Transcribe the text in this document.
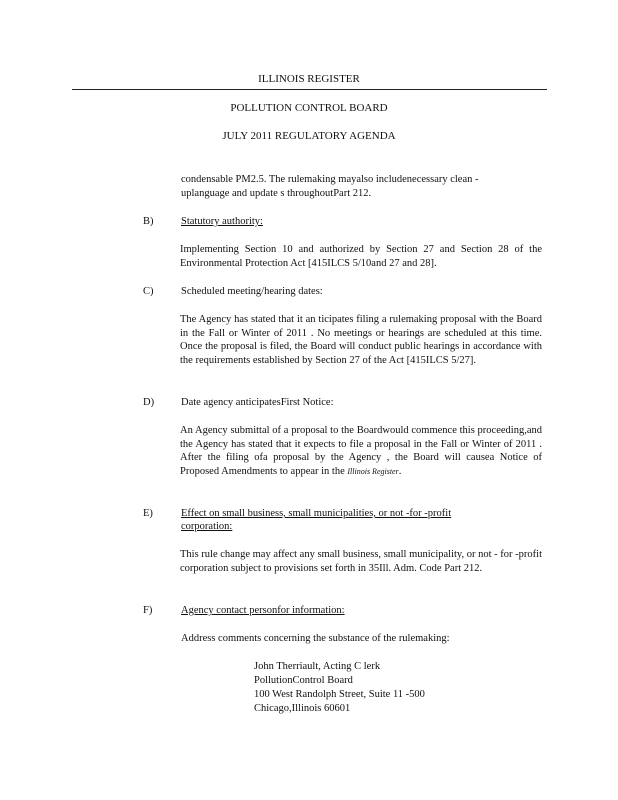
ILLINOIS REGISTER
POLLUTION CONTROL BOARD
JULY 2011 REGULATORY AGENDA
condensable PM2.5. The rulemaking mayalso includenecessary clean -
uplanguage and update s throughoutPart 212.
B)	Statutory authority:
Implementing Section 10 and authorized by Section 27 and Section 28 of the Environmental Protection Act [415ILCS 5/10and 27 and 28].
C)	Scheduled meeting/hearing dates:
The Agency has stated that it an ticipates filing a rulemaking proposal with the Board in the Fall or Winter of 2011 . No meetings or hearings are scheduled at this time. Once the proposal is filed, the Board will conduct public hearings in accordance with the requirements established by Section 27 of the Act [415ILCS 5/27].
D)	Date agency anticipatesFirst Notice:
An Agency submittal of a proposal to the Boardwould commence this proceeding,and the Agency has stated that it expects to file a proposal in the Fall or Winter of 2011 . After the filing ofa proposal by the Agency , the Board will causea Notice of Proposed Amendments to appear in the Illinois Register.
E)	Effect on small business, small municipalities, or not -for -profit
corporation:
This rule change may affect any small business, small municipality, or not - for -profit corporation subject to provisions set forth in 35Ill. Adm. Code Part 212.
F)	Agency contact personfor information:
Address comments concerning the substance of the rulemaking:
John Therriault, Acting C lerk
PollutionControl Board
100 West Randolph Street, Suite 11 -500
Chicago,Illinois 60601
